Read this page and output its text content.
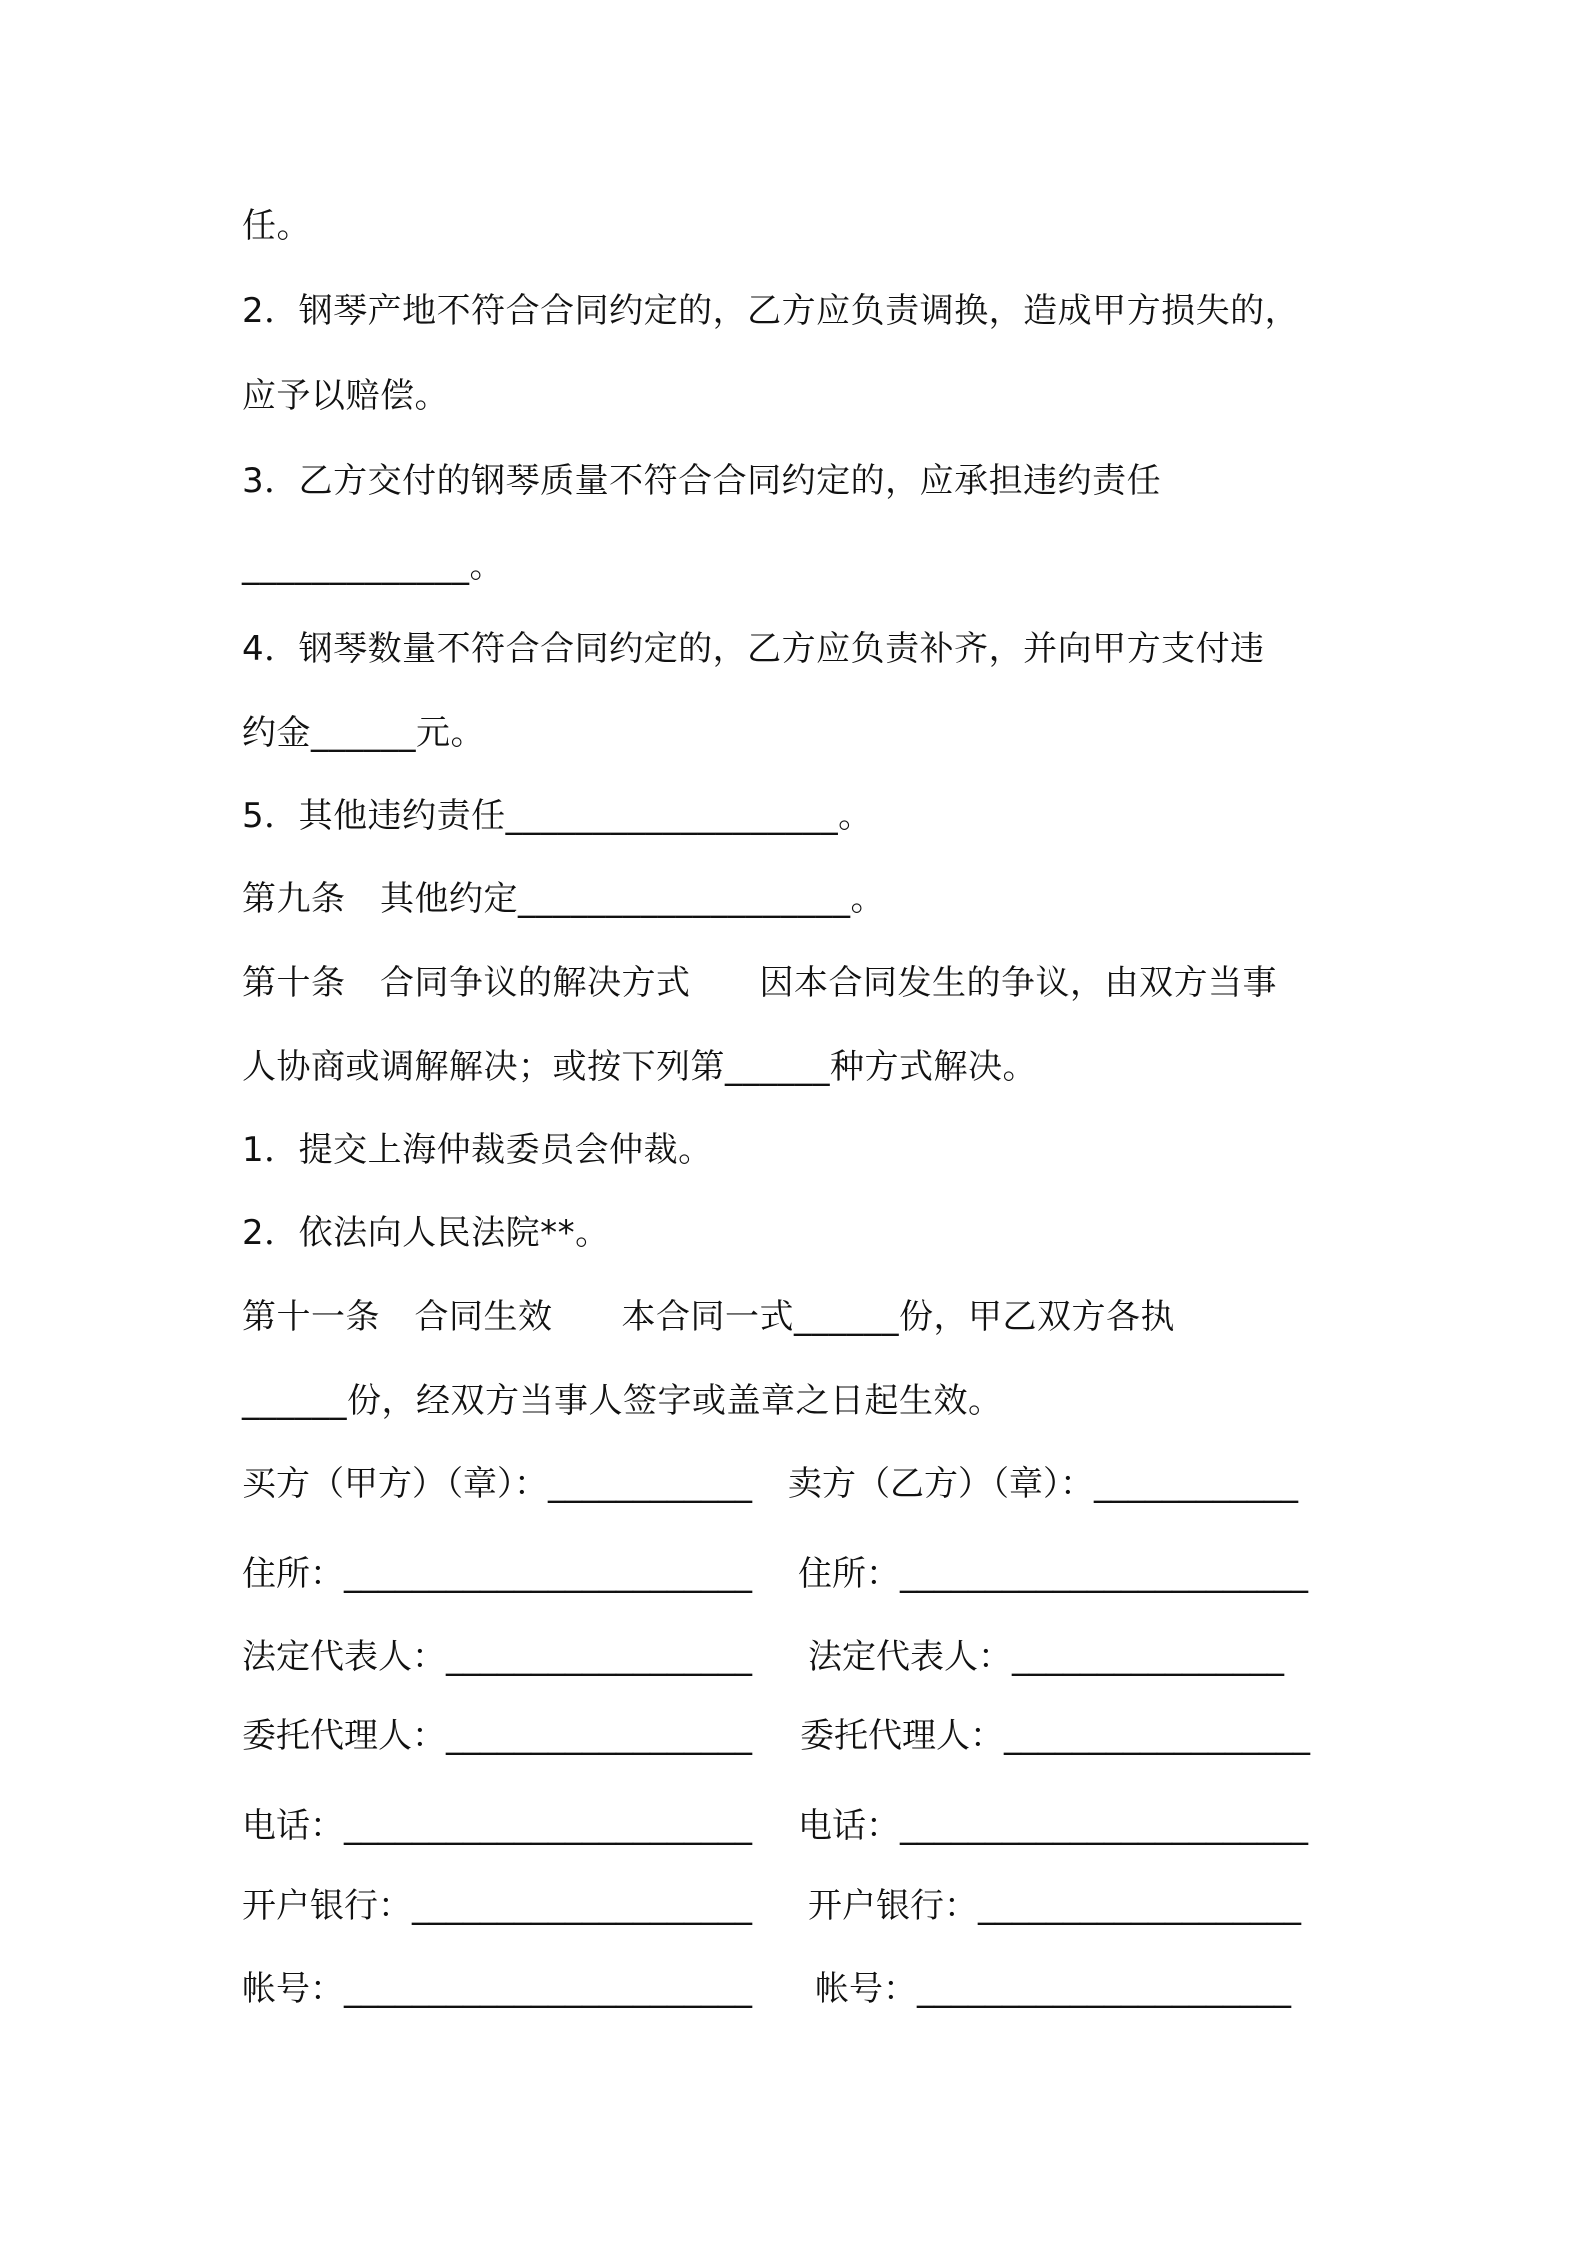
任。
2．钢琴产地不符合合同约定的，乙方应负责调换，造成甲方损失的，
应予以赔偿。
3．乙方交付的钢琴质量不符合合同约定的，应承担违约责任
_____________。
4．钢琴数量不符合合同约定的，乙方应负责补齐，并向甲方支付违
约金______元。
5．其他违约责任___________________。
第九条　其他约定___________________。
第十条　合同争议的解决方式　　因本合同发生的争议，由双方当事
人协商或调解解决；或按下列第______种方式解决。
1．提交上海仲裁委员会仲裁。
2．依法向人民法院**。
第十一条　合同生效　　本合同一式______份，甲乙双方各执
______份，经双方当事人签字或盖章之日起生效。
买方（甲方）（章）：____________ 卖方（乙方）（章）：____________
住所：________________________ 住所：________________________
法定代表人：__________________ 法定代表人：________________
委托代理人：__________________ 委托代理人：__________________
电话：________________________ 电话：________________________
开户银行：____________________ 开户银行：___________________
帐号：________________________ 帐号：______________________
